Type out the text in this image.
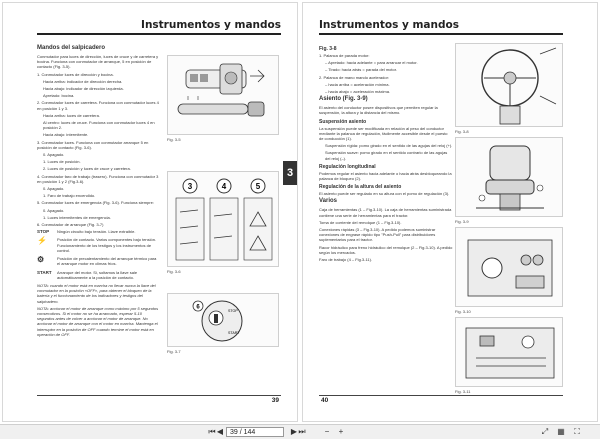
Instrumentos y mandos
3
Mandos del salpicadero

Conmutador para luces de dirección, luces de cruce y de carretera y bocina. Funciona con conmutador de arranque, 5 en posición de contacto (Fig. 3-5).

1. Conmutador luces de dirección y bocina.

Hacia arriba: indicador de dirección derecha.

Hacia abajo: indicador de dirección izquierda.

Apretado: bocina.

2. Conmutador luces de carretera. Funciona con conmutador luces 4 en posición 1 y 3.

Hacia arriba: luces de carretera.

Al centro: luces de cruce. Funciona con conmutador luces 4 en posición 2.

Hacia abajo: intermitente.

3. Conmutador luces. Funciona con conmutador arranque 5 en posición de contacto (Fig. 3-6).

0. Apagado.

1. Luces de posición.

2. Luces de posición y luces de cruce y carretera.

4. Conmutador faro de trabajo (trasero). Funciona con conmutador 3 en posición 1 y 2 (Fig.3-6).

0. Apagado.

1. Faro de trabajo encendido.

5. Conmutador luces de emergencia (Fig. 3-6). Funciona siempre:

0. Apagado.

1. Luces intermitentes de emergencia.

6. Conmutador de arranque (Fig. 3-7)

STOP	Ningún circuito bajo tensión. Llave extraíble.
⚡	Posición de contacto. Varios componentes bajo tensión. Funcionamiento de los testigos y los instrumentos de control.
⚙	Posición de precalentamiento del arranque térmico para el arranque motor en climas fríos.
START	Arranque del motor. Si, soltamos la llave sale automáticamente a la posición de contacto.

NOTA: cuando el motor está en marcha no llevar nunca la llave del conmutador en la posición «OFF», para obtener el bloqueo de la batería y el funcionamiento de los indicadores y testigos del salpicadero.

NOTA: accionar el motor de arranque como máximo por 5 segundos consecutivos. Si el motor no se ha arrancado, esperar 5-10 segundos antes de volver a accionar el motor de arranque. No accionar el motor de arranque con el motor en marcha. Mantenga el interruptor en la posición de OFF cuando termine el motor está en operación de OFF.

Fig. 3-5
3	4	5
Fig. 3-6
STOP
START
6
Fig. 3-7
39
Instrumentos y mandos
Fig. 3-8

1. Palanca de parada motor:

– Apretado: hacia adelante = para arrancar el motor.

– Tirado: hacia atrás = parada del motor.

2. Palanca de mano mando acelerador:

– hacia arriba = aceleración mínima.

– hacia abajo = aceleración máxima.

Asiento (Fig. 3-9)

El asiento del conductor posee dispositivos que permiten regular la suspensión, la altura y la distancia del mismo.

Suspensión asiento

La suspensión puede ser modificada en relación al peso del conductor mediante la palanca de regulación, fácilmente accesible desde el puesto de conducción (1).

Suspensión rígida: pomo girado en el sentido de las agujas del reloj (+).

Suspensión suave: pomo girado en el sentido contrario de las agujas del reloj (–).

Regulación longitudinal

Podemos regular el asiento hacia adelante o hacia atrás desbloqueando la palanca de bloqueo (2).

Regulación de la altura del asiento

El asiento puede ser regulado en su altura con el pomo de regulación (3).

Varios

Caja de herramientas (1 – Fig.3-10). La caja de herramientas suministrada contiene una serie de herramientas para el tractor.

Toma de corriente del remolque (1 – Fig.3-10).

Conexiones rápidas (3 – Fig.3-10). A pedido podemos suministrar conexiones de engrase rápido tipo "Push-Pull" para distribuidores suplementarios para el tractor.

Racor hidráulico para freno hidráulico del remolque (2 – Fig.3-10). A pedido según los mercados.

Faro de trabajo (4 – Fig.3-11).

Fig. 3-8
Fig. 3-9
Fig. 3-10
Fig. 3-11
40
⏮ ◀ 39 / 144	▶ ⏭	−	+	⤢ ▦ ⛶
